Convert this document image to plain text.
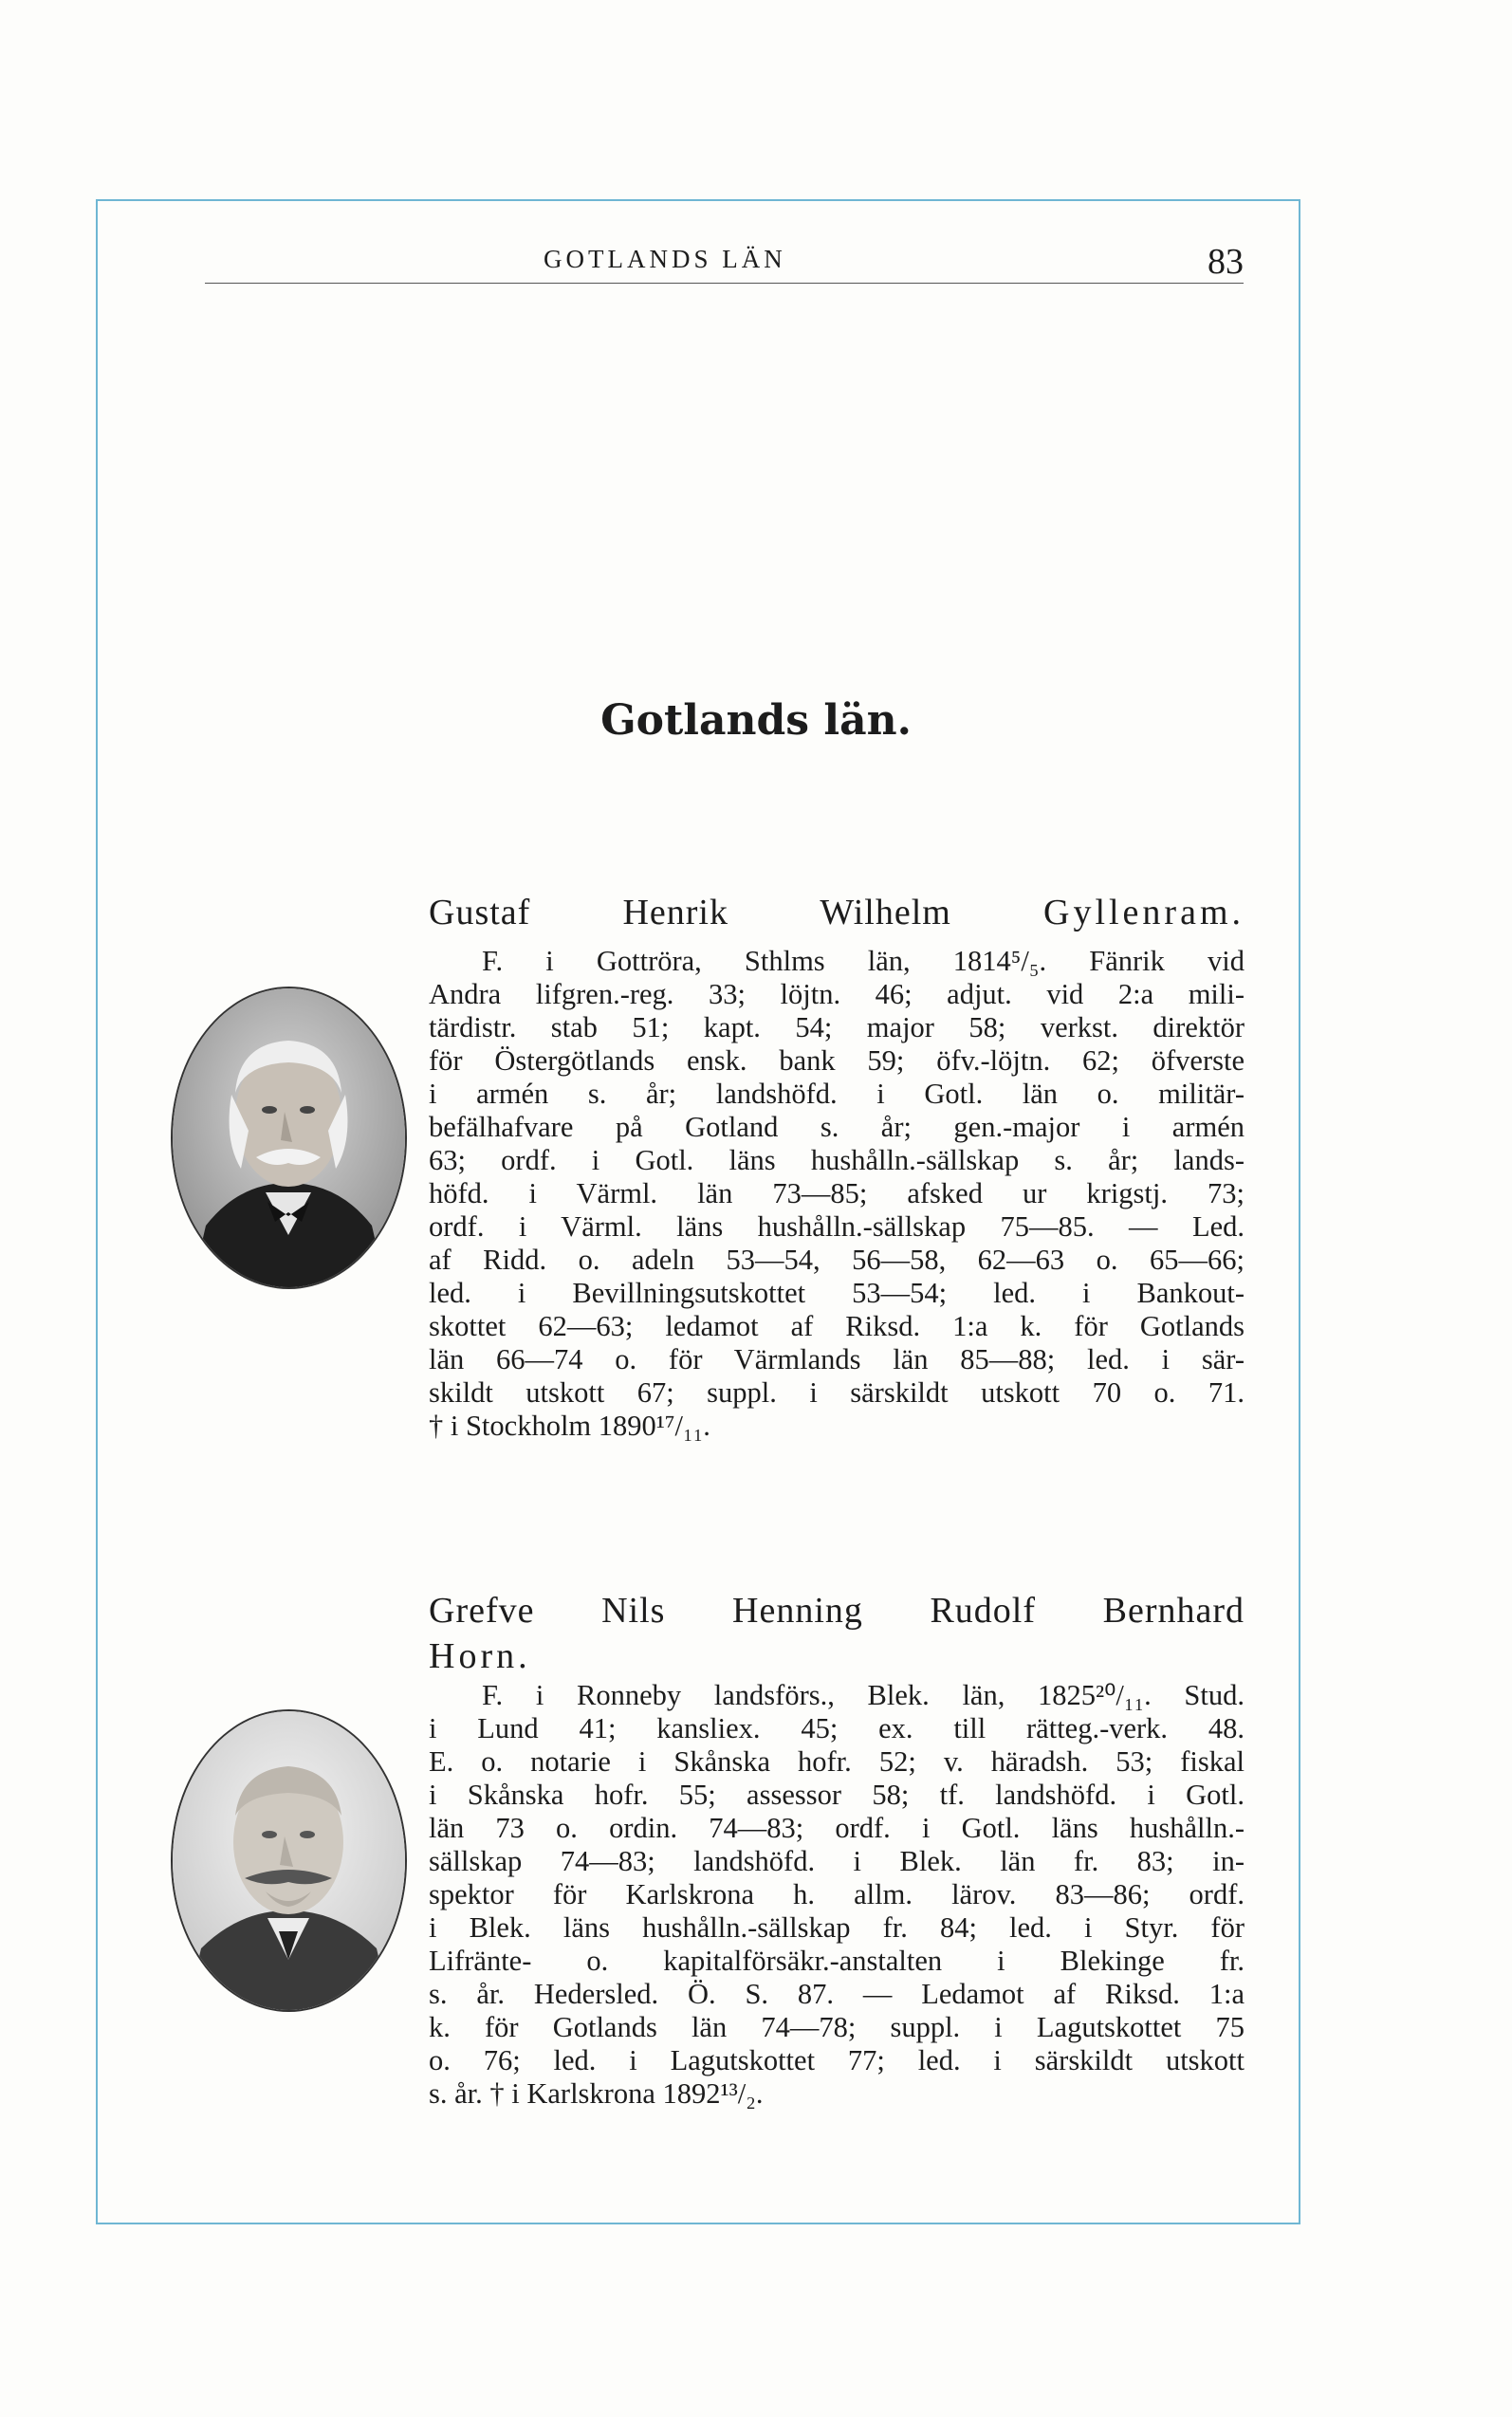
GOTLANDS LÄN	83
Gotlands län.
Gustaf Henrik Wilhelm	Gyllenram.
F. i Gottröra, Sthlms län, 1814⁵/₅. Fänrik vid
Andra lifgren.-reg. 33; löjtn. 46; adjut. vid 2:a mili-
tärdistr. stab 51; kapt. 54; major 58; verkst. direktör
för Östergötlands ensk. bank 59; öfv.-löjtn. 62; öfverste
i armén s. år; landshöfd. i Gotl. län o. militär-
befälhafvare på Gotland s. år; gen.-major i armén
63; ordf. i Gotl. läns hushålln.-sällskap s. år; lands-
höfd. i Värml. län 73—85; afsked ur krigstj. 73;
ordf. i Värml. läns hushålln.-sällskap 75—85. — Led.
af Ridd. o. adeln 53—54, 56—58, 62—63 o. 65—66;
led. i Bevillningsutskottet 53—54; led. i Bankout-
skottet 62—63; ledamot af Riksd. 1:a k. för Gotlands
län 66—74 o. för Värmlands län 85—88; led. i sär-
skildt utskott 67; suppl. i särskildt utskott 70 o. 71.
† i Stockholm 1890¹⁷/₁₁.
Grefve Nils Henning Rudolf Bernhard
Horn.
F. i Ronneby landsförs., Blek. län, 1825²⁰/₁₁. Stud.
i Lund 41; kansliex. 45; ex. till rätteg.-verk. 48.
E. o. notarie i Skånska hofr. 52; v. häradsh. 53; fiskal
i Skånska hofr. 55; assessor 58; tf. landshöfd. i Gotl.
län 73 o. ordin. 74—83; ordf. i Gotl. läns hushålln.-
sällskap 74—83; landshöfd. i Blek. län fr. 83; in-
spektor för Karlskrona h. allm. lärov. 83—86; ordf.
i Blek. läns hushålln.-sällskap fr. 84; led. i Styr. för
Lifränte- o. kapitalförsäkr.-anstalten i Blekinge fr.
s. år. Hedersled. Ö. S. 87. — Ledamot af Riksd. 1:a
k. för Gotlands län 74—78; suppl. i Lagutskottet 75
o. 76; led. i Lagutskottet 77; led. i särskildt utskott
s. år. † i Karlskrona 1892¹³/₂.
